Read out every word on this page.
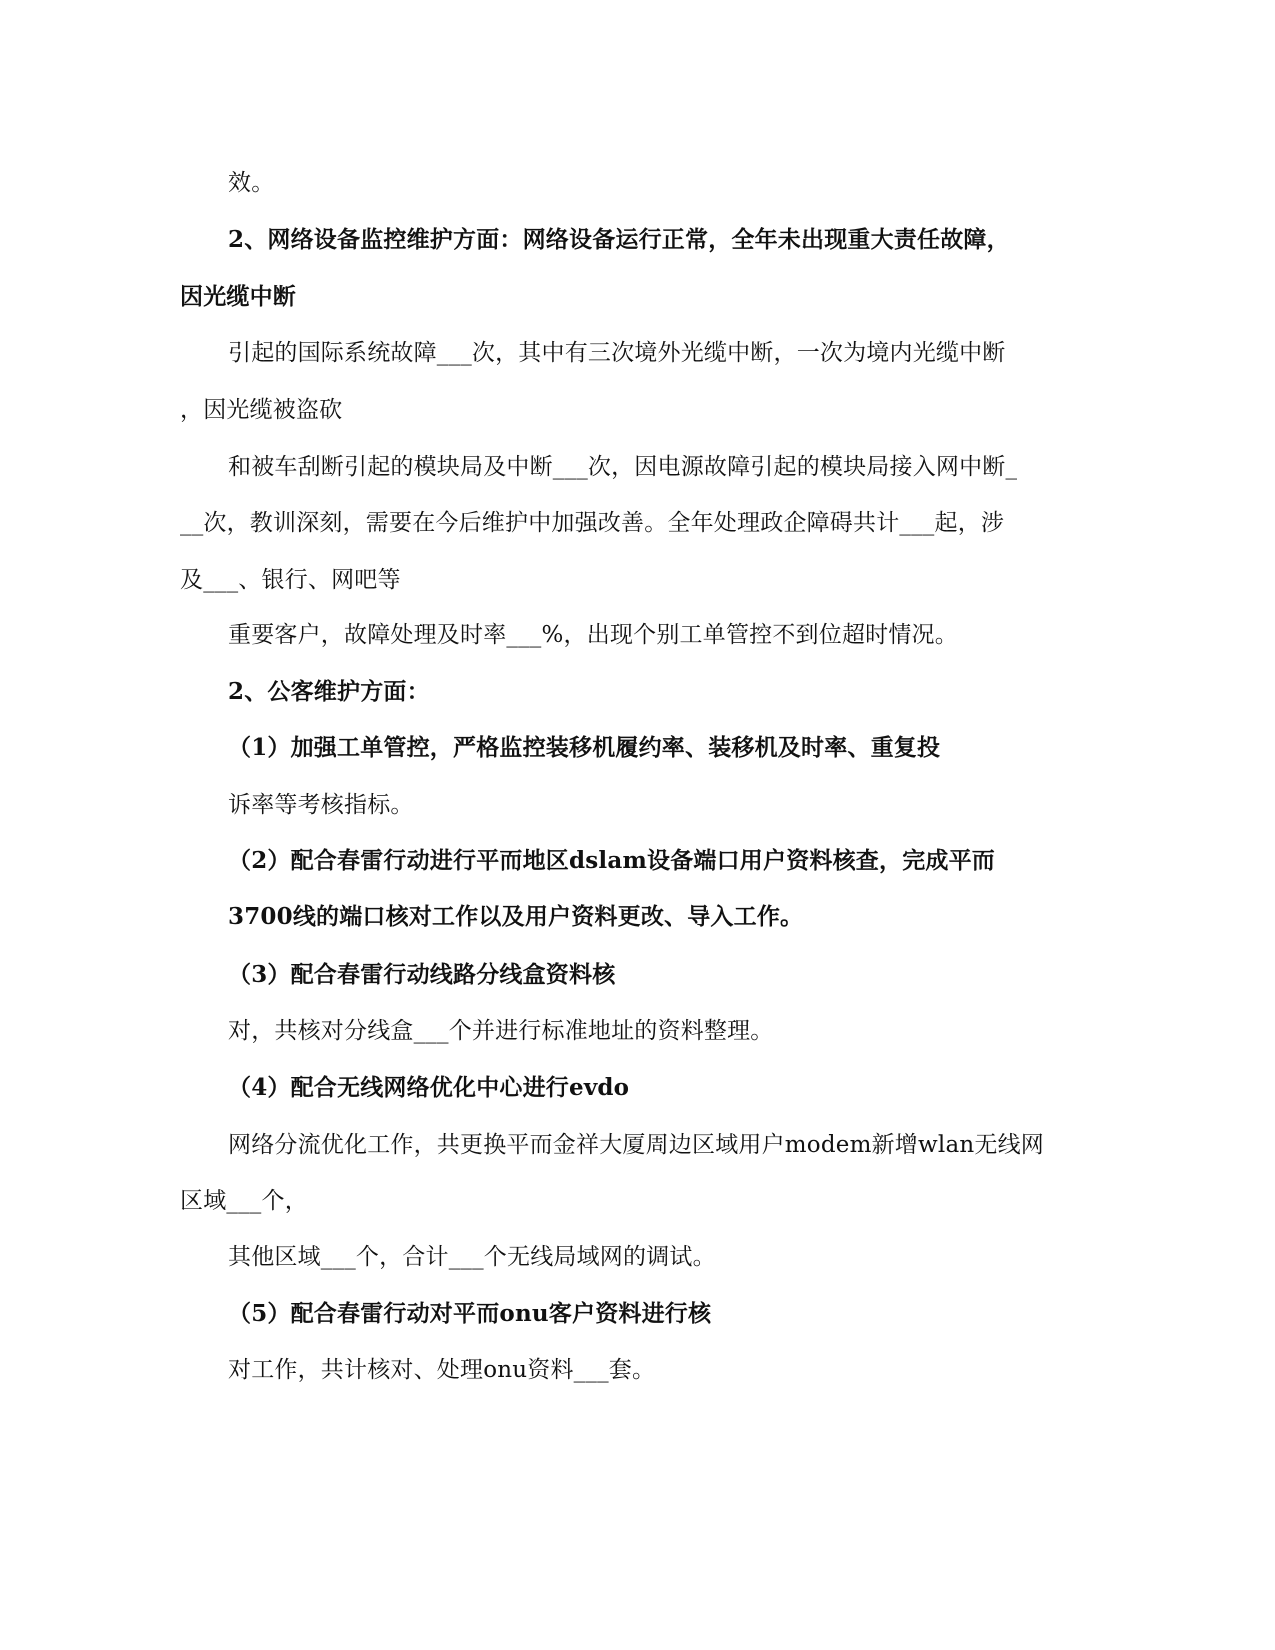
效。
2、网络设备监控维护方面：网络设备运行正常，全年未出现重大责任故障，
因光缆中断
引起的国际系统故障___次，其中有三次境外光缆中断，一次为境内光缆中断
，因光缆被盗砍
和被车刮断引起的模块局及中断___次，因电源故障引起的模块局接入网中断_
__次，教训深刻，需要在今后维护中加强改善。全年处理政企障碍共计___起，涉
及___、银行、网吧等
重要客户，故障处理及时率___%，出现个别工单管控不到位超时情况。
2、公客维护方面：
（1）加强工单管控，严格监控装移机履约率、装移机及时率、重复投
诉率等考核指标。
（2）配合春雷行动进行平而地区dslam设备端口用户资料核查，完成平而
3700线的端口核对工作以及用户资料更改、导入工作。
（3）配合春雷行动线路分线盒资料核
对，共核对分线盒___个并进行标准地址的资料整理。
（4）配合无线网络优化中心进行evdo
网络分流优化工作，共更换平而金祥大厦周边区域用户modem新增wlan无线网
区域___个，
其他区域___个，合计___个无线局域网的调试。
（5）配合春雷行动对平而onu客户资料进行核
对工作，共计核对、处理onu资料___套。
